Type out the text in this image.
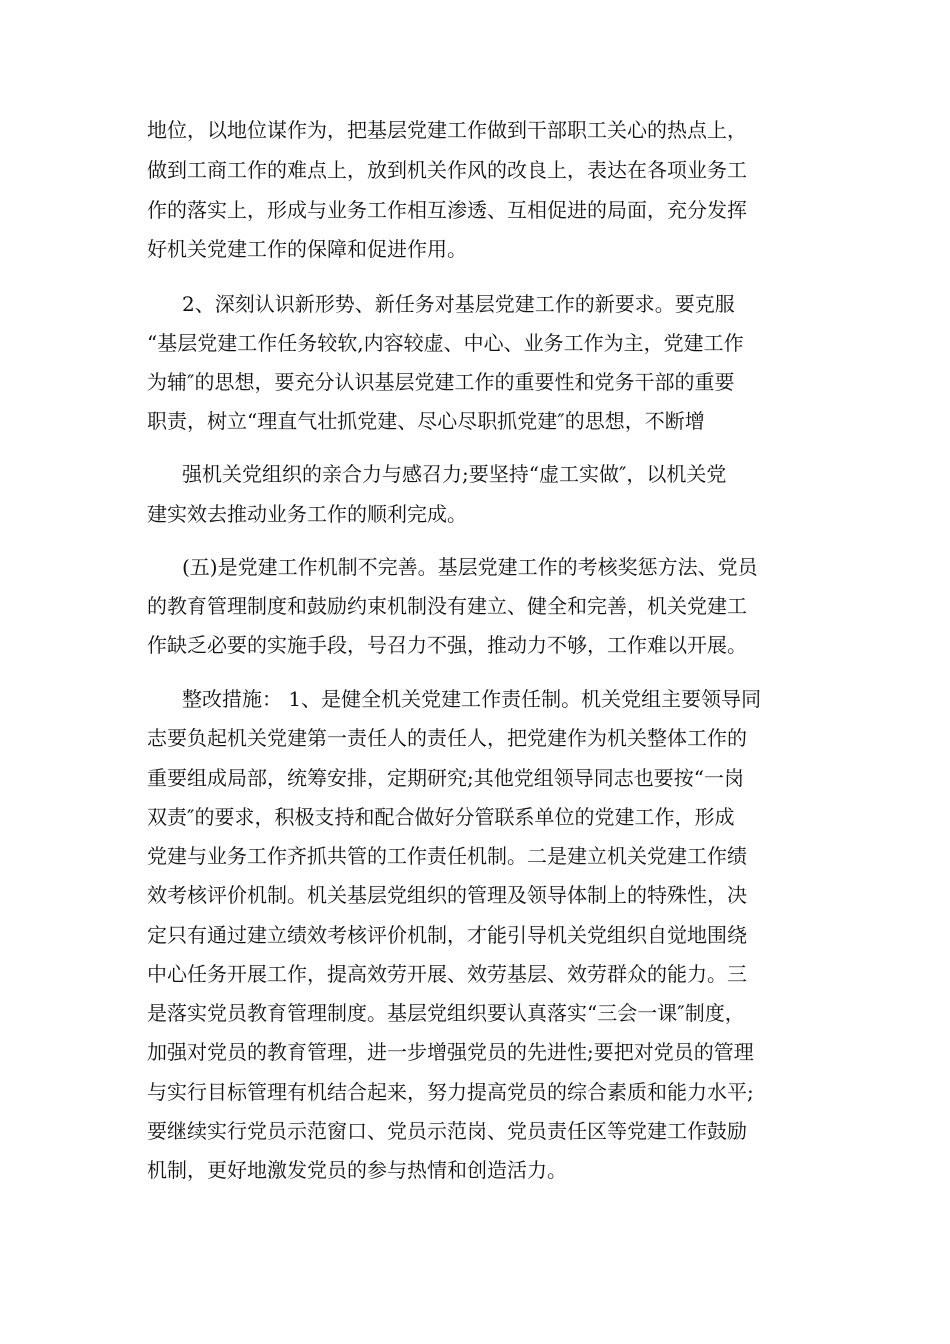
地位，以地位谋作为，把基层党建工作做到干部职工关心的热点上，
做到工商工作的难点上，放到机关作风的改良上，表达在各项业务工
作的落实上，形成与业务工作相互渗透、互相促进的局面，充分发挥
好机关党建工作的保障和促进作用。
2、深刻认识新形势、新任务对基层党建工作的新要求。要克服
“基层党建工作任务较软,内容较虚、中心、业务工作为主，党建工作
为辅″的思想，要充分认识基层党建工作的重要性和党务干部的重要
职责，树立“理直气壮抓党建、尽心尽职抓党建″的思想，不断增
强机关党组织的亲合力与感召力;要坚持“虚工实做″，以机关党
建实效去推动业务工作的顺利完成。
(五)是党建工作机制不完善。基层党建工作的考核奖惩方法、党员
的教育管理制度和鼓励约束机制没有建立、健全和完善，机关党建工
作缺乏必要的实施手段，号召力不强，推动力不够，工作难以开展。
整改措施： 1、是健全机关党建工作责任制。机关党组主要领导同
志要负起机关党建第一责任人的责任人，把党建作为机关整体工作的
重要组成局部，统筹安排，定期研究;其他党组领导同志也要按“一岗
双责″的要求，积极支持和配合做好分管联系单位的党建工作，形成
党建与业务工作齐抓共管的工作责任机制。二是建立机关党建工作绩
效考核评价机制。机关基层党组织的管理及领导体制上的特殊性，决
定只有通过建立绩效考核评价机制，才能引导机关党组织自觉地围绕
中心任务开展工作，提高效劳开展、效劳基层、效劳群众的能力。三
是落实党员教育管理制度。基层党组织要认真落实“三会一课″制度，
加强对党员的教育管理，进一步增强党员的先进性;要把对党员的管理
与实行目标管理有机结合起来，努力提高党员的综合素质和能力水平;
要继续实行党员示范窗口、党员示范岗、党员责任区等党建工作鼓励
机制，更好地激发党员的参与热情和创造活力。
